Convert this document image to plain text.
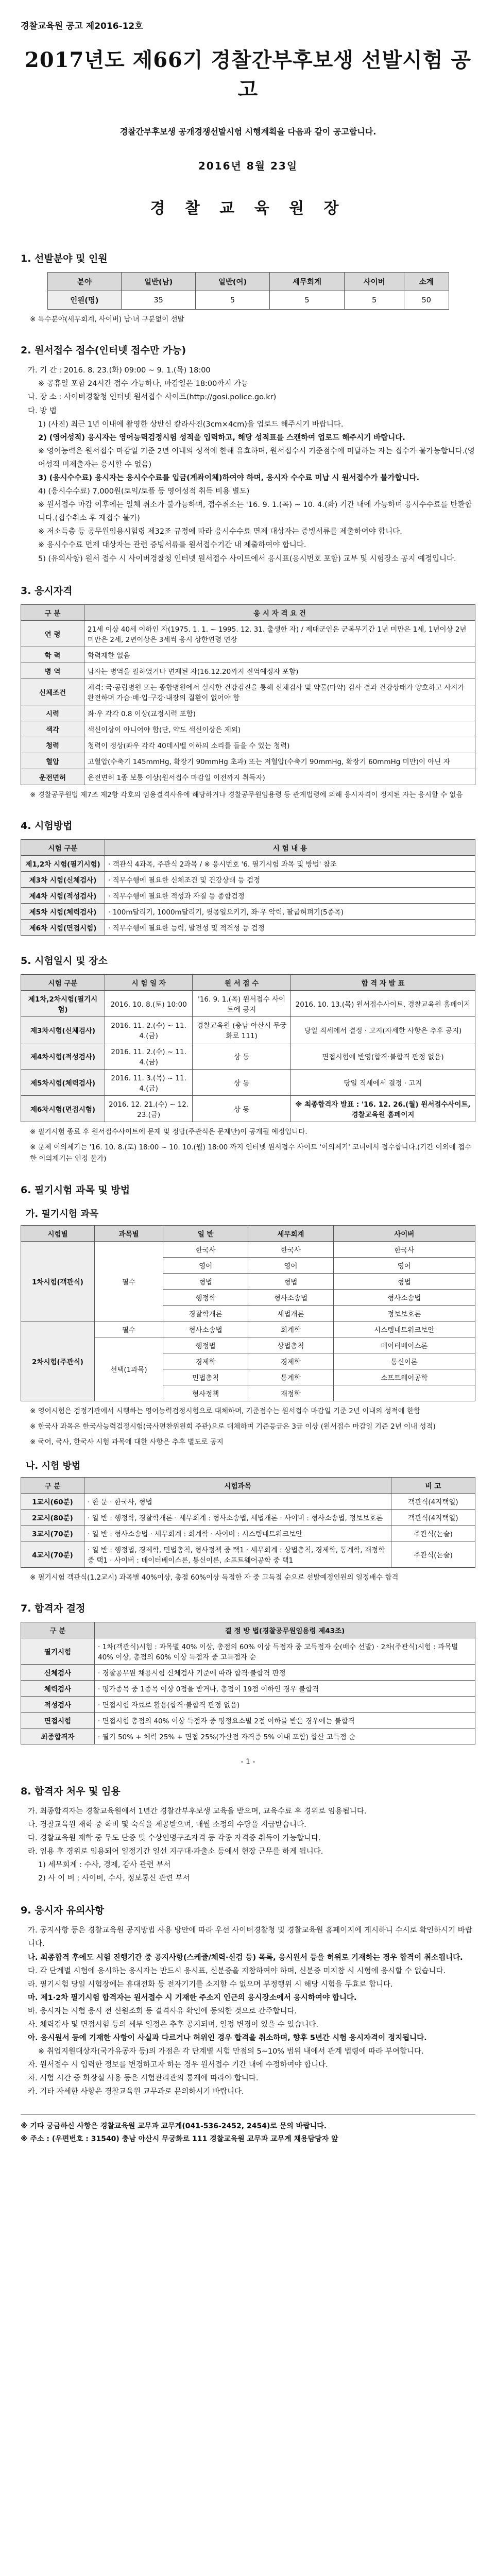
경찰교육원 공고 제2016-12호
2017년도 제66기 경찰간부후보생 선발시험 공고
경찰간부후보생 공개경쟁선발시험 시행계획을 다음과 같이 공고합니다.
2016년 8월 23일
경 찰 교 육 원 장
1. 선발분야 및 인원
분야	일반(남)	일반(여)	세무회계	사이버	소계
인원(명)	35	5	5	5	50
※ 특수분야(세무회계, 사이버) 남·녀 구분없이 선발
2. 원서접수 접수(인터넷 접수만 가능)
가. 기 간 : 2016. 8. 23.(화) 09:00 ~ 9. 1.(목) 18:00
※ 공휴일 포함 24시간 접수 가능하나, 마감일은 18:00까지 가능
나. 장 소 : 사이버경찰청 인터넷 원서접수 사이트(http://gosi.police.go.kr)
다. 방 법
1) (사진) 최근 1년 이내에 촬영한 상반신 칼라사진(3cm×4cm)을 업로드 해주시기 바랍니다.
2) (영어성적) 응시자는 영어능력검정시험 성적을 입력하고, 해당 성적표를 스캔하여 업로드 해주시기 바랍니다.
※ 영어능력은 원서접수 마감일 기준 2년 이내의 성적에 한해 유효하며, 원서접수시 기준점수에 미달하는 자는 접수가 불가능합니다.(영어성적 미제출자는 응시할 수 없음)
3) (응시수수료) 응시자는 응시수수료를 입금(계좌이체)하여야 하며, 응시자 수수료 미납 시 원서접수가 불가합니다.
4) (응시수수료) 7,000원(토익/토플 등 영어성적 취득 비용 별도)
※ 원서접수 마감 이후에는 일체 취소가 불가능하며, 접수취소는 '16. 9. 1.(목) ~ 10. 4.(화) 기간 내에 가능하며 응시수수료를 반환합니다.(접수취소 후 재접수 불가)
※ 저소득층 등 공무원임용시험령 제32조 규정에 따라 응시수수료 면제 대상자는 증빙서류를 제출하여야 합니다.
※ 응시수수료 면제 대상자는 관련 증빙서류를 원서접수기간 내 제출하여야 합니다.
5) (유의사항) 원서 접수 시 사이버경찰청 인터넷 원서접수 사이트에서 응시표(응시번호 포함) 교부 및 시험장소 공지 예정입니다.
3. 응시자격
구 분	응 시 자 격 요 건
연 령	21세 이상 40세 이하인 자(1975. 1. 1. ~ 1995. 12. 31. 출생한 자) / 제대군인은 군복무기간 1년 미만은 1세, 1년이상 2년미만은 2세, 2년이상은 3세씩 응시 상한연령 연장
학 력	학력제한 없음
병 역	남자는 병역을 필하였거나 면제된 자(16.12.20까지 전역예정자 포함)
신체조건	체격: 국·공립병원 또는 종합병원에서 실시한 건강검진을 통해 신체검사 및 약물(마약) 검사 결과 건강상태가 양호하고 사지가 완전하며 가슴·배·입·구강·내장의 질환이 없어야 함
시력	좌·우 각각 0.8 이상(교정시력 포함)
색각	색신이상이 아니어야 함(단, 약도 색신이상은 제외)
청력	청력이 정상(좌우 각각 40데시벨 이하의 소리를 들을 수 있는 청력)
혈압	고혈압(수축기 145mmHg, 확장기 90mmHg 초과) 또는 저혈압(수축기 90mmHg, 확장기 60mmHg 미만)이 아닌 자
운전면허	운전면허 1종 보통 이상(원서접수 마감일 이전까지 취득자)
※ 경찰공무원법 제7조 제2항 각호의 임용결격사유에 해당하거나 경찰공무원임용령 등 관계법령에 의해 응시자격이 정지된 자는 응시할 수 없음
4. 시험방법
시험 구분	시 험 내 용
제1,2차 시험(필기시험)	· 객관식 4과목, 주관식 2과목 / ※ 응시번호 '6. 필기시험 과목 및 방법' 참조
제3차 시험(신체검사)	· 직무수행에 필요한 신체조건 및 건강상태 등 검정
제4차 시험(적성검사)	· 직무수행에 필요한 적성과 자질 등 종합검정
제5차 시험(체력검사)	· 100m달리기, 1000m달리기, 윗몸일으키기, 좌·우 악력, 팔굽혀펴기(5종목)
제6차 시험(면접시험)	· 직무수행에 필요한 능력, 발전성 및 적격성 등 검정
5. 시험일시 및 장소
시험 구분	시 험 일 자	원 서 접 수	합 격 자 발 표
제1차,2차시험(필기시험)	2016. 10. 8.(토) 10:00	'16. 9. 1.(목) 원서접수 사이트에 공지	2016. 10. 13.(목) 원서접수사이트, 경찰교육원 홈페이지
제3차시험(신체검사)	2016. 11. 2.(수) ~ 11. 4.(금)	경찰교육원 (충남 아산시 무궁화로 111)	당일 직세에서 결정 · 고지(자세한 사항은 추후 공지)
제4차시험(적성검사)	2016. 11. 2.(수) ~ 11. 4.(금)	상 동	면접시험에 반영(합격·불합격 판정 없음)
제5차시험(체력검사)	2016. 11. 3.(목) ~ 11. 4.(금)	상 동	당일 직세에서 결정 · 고지
제6차시험(면접시험)	2016. 12. 21.(수) ~ 12. 23.(금)	상 동	※ 최종합격자 발표 : '16. 12. 26.(월) 원서접수사이트, 경찰교육원 홈페이지
※ 필기시험 종료 후 원서접수사이트에 문제 및 정답(주관식은 문제만)이 공개될 예정입니다.
※ 문제 이의제기는 '16. 10. 8.(토) 18:00 ~ 10. 10.(월) 18:00 까지 인터넷 원서접수 사이트 '이의제기' 코너에서 접수합니다.(기간 이외에 접수한 이의제기는 인정 불가)
6. 필기시험 과목 및 방법
가. 필기시험 과목
시험별	과목별	일 반	세무회계	사이버
1차시험(객관식)	필수	한국사	한국사	한국사
		영어	영어	영어
		형법	형법	형법
		행정학	형사소송법	형사소송법
		경찰학개론	세법개론	정보보호론
2차시험(주관식)	필수	형사소송법	회계학	시스템네트워크보안
	선택(1과목)	행정법	상법총칙	데이터베이스론
		경제학	경제학	통신이론
		민법총칙	통계학	소프트웨어공학
		형사정책	재정학	
※ 영어시험은 검정기관에서 시행하는 영어능력검정시험으로 대체하며, 기준점수는 원서접수 마감일 기준 2년 이내의 성적에 한함
※ 한국사 과목은 한국사능력검정시험(국사편찬위원회 주관)으로 대체하며 기준등급은 3급 이상 (원서접수 마감일 기준 2년 이내 성적)
※ 국어, 국사, 한국사 시험 과목에 대한 사항은 추후 별도로 공지
나. 시험 방법
구 분	시험과목	비 고
1교시(60분)	· 한 문 · 한국사, 형법	객관식(4지택일)
2교시(80분)	· 일 반 : 행정학, 경찰학개론 · 세무회계 : 형사소송법, 세법개론 · 사이버 : 형사소송법, 정보보호론	객관식(4지택일)
3교시(70분)	· 일 반 : 형사소송법 · 세무회계 : 회계학 · 사이버 : 시스템네트워크보안	주관식(논술)
4교시(70분)	· 일 반 : 행정법, 경제학, 민법총칙, 형사정책 중 택1 · 세무회계 : 상법총칙, 경제학, 통계학, 재정학 중 택1 · 사이버 : 데이터베이스론, 통신이론, 소프트웨어공학 중 택1	주관식(논술)
※ 필기시험 객관식(1,2교시) 과목별 40%이상, 총점 60%이상 득점한 자 중 고득점 순으로 선발예정인원의 일정배수 합격
7. 합격자 결정
구 분	결 정 방 법(경찰공무원임용령 제43조)
필기시험	· 1차(객관식)시험 : 과목별 40% 이상, 총점의 60% 이상 득점자 중 고득점자 순(배수 선발) · 2차(주관식)시험 : 과목별 40% 이상, 총점의 60% 이상 득점자 중 고득점자 순
신체검사	· 경찰공무원 채용시험 신체검사 기준에 따라 합격·불합격 판정
체력검사	· 평가종목 중 1종목 이상 0점을 받거나, 총점이 19점 이하인 경우 불합격
적성검사	· 면접시험 자료로 활용(합격·불합격 판정 없음)
면접시험	· 면접시험 총점의 40% 이상 득점자 중 평정요소별 2점 이하를 받은 경우에는 불합격
최종합격자	· 필기 50% + 체력 25% + 면접 25%(가산점 자격증 5% 이내 포함) 합산 고득점 순
- 1 -
8. 합격자 처우 및 임용
가. 최종합격자는 경찰교육원에서 1년간 경찰간부후보생 교육을 받으며, 교육수료 후 경위로 임용됩니다.
나. 경찰교육원 재학 중 학비 및 숙식을 제공받으며, 매월 소정의 수당을 지급받습니다.
다. 경찰교육원 재학 중 무도 단증 및 수상인명구조자격 등 각종 자격증 취득이 가능합니다.
라. 임용 후 경위로 임용되어 일정기간 일선 지구대·파출소 등에서 현장 근무를 하게 됩니다.
1) 세무회계 : 수사, 경제, 감사 관련 부서
2) 사 이 버 : 사이버, 수사, 정보통신 관련 부서
9. 응시자 유의사항
가. 공지사항 등은 경찰교육원 공지방법 사용 방안에 따라 우선 사이버경찰청 및 경찰교육원 홈페이지에 게시하니 수시로 확인하시기 바랍니다.
나. 최종합격 후에도 시험 진행기간 중 공지사항(스케쥴/체력·신검 등) 목록, 응시원서 등을 허위로 기재하는 경우 합격이 취소됩니다.
다. 각 단계별 시험에 응시하는 응시자는 반드시 응시표, 신분증을 지참하여야 하며, 신분증 미지참 시 시험에 응시할 수 없습니다.
라. 필기시험 당일 시험장에는 휴대전화 등 전자기기를 소지할 수 없으며 부정행위 시 해당 시험을 무효로 합니다.
마. 제1·2차 필기시험 합격자는 원서접수 시 기재한 주소지 인근의 응시장소에서 응시하여야 합니다.
바. 응시자는 시험 응시 전 신원조회 등 결격사유 확인에 동의한 것으로 간주합니다.
사. 체력검사 및 면접시험 등의 세부 일정은 추후 공지되며, 일정 변경이 있을 수 있습니다.
아. 응시원서 등에 기재한 사항이 사실과 다르거나 허위인 경우 합격을 취소하며, 향후 5년간 시험 응시자격이 정지됩니다.
※ 취업지원대상자(국가유공자 등)의 가점은 각 단계별 시험 만점의 5~10% 범위 내에서 관계 법령에 따라 부여합니다.
자. 원서접수 시 입력한 정보를 변경하고자 하는 경우 원서접수 기간 내에 수정하여야 합니다.
차. 시험 시간 중 화장실 사용 등은 시험관리관의 통제에 따라야 합니다.
카. 기타 자세한 사항은 경찰교육원 교무과로 문의하시기 바랍니다.
※ 기타 궁금하신 사항은 경찰교육원 교무과 교무계(041-536-2452, 2454)로 문의 바랍니다.
※ 주소 : (우편번호 : 31540) 충남 아산시 무궁화로 111 경찰교육원 교무과 교무계 채용담당자 앞
